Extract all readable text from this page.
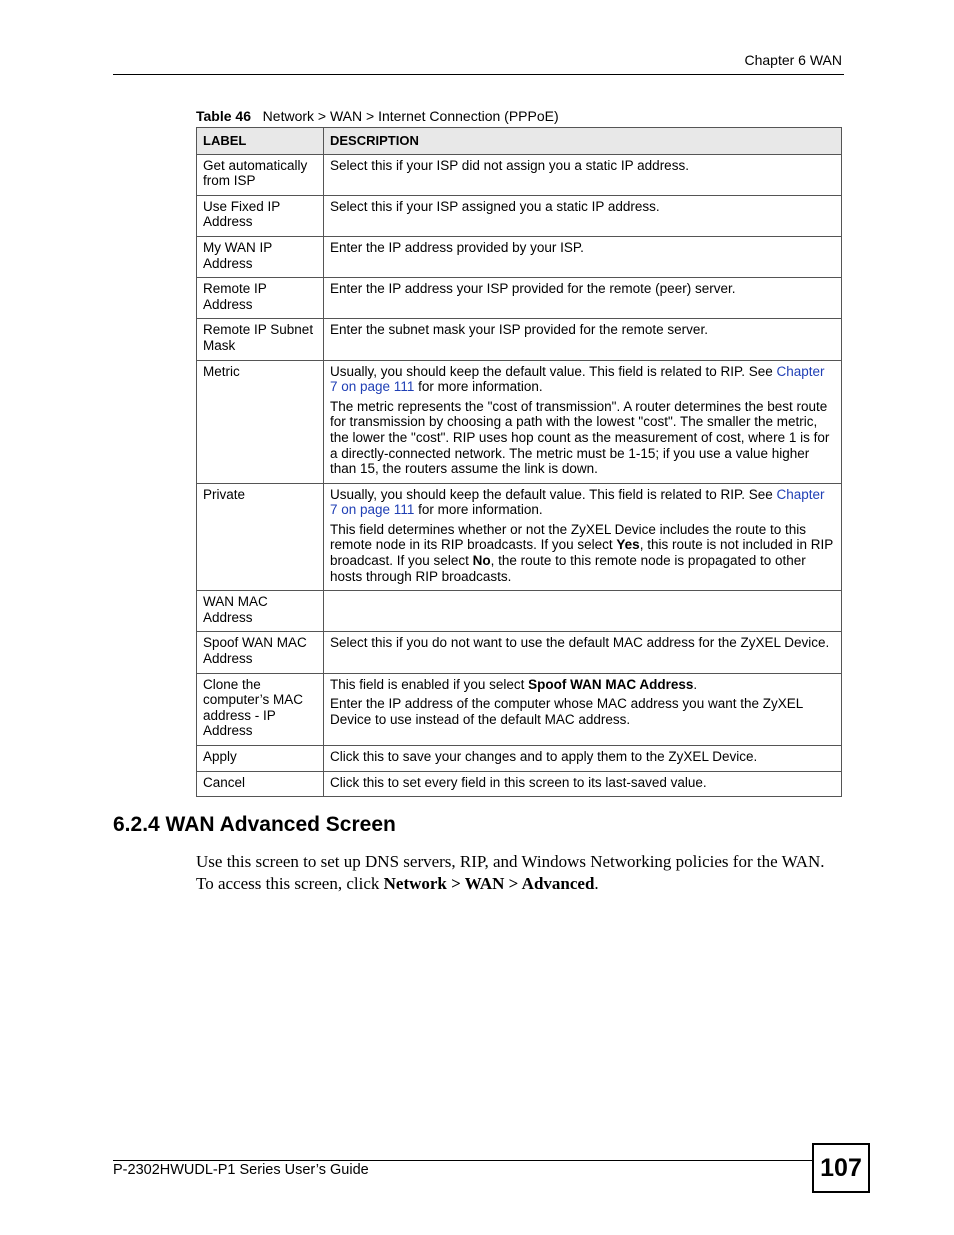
Chapter 6 WAN
Table 46 Network > WAN > Internet Connection (PPPoE)
LABEL	DESCRIPTION
Get automatically from ISP	Select this if your ISP did not assign you a static IP address.
Use Fixed IP Address	Select this if your ISP assigned you a static IP address.
My WAN IP Address	Enter the IP address provided by your ISP.
Remote IP Address	Enter the IP address your ISP provided for the remote (peer) server.
Remote IP Subnet Mask	Enter the subnet mask your ISP provided for the remote server.
Metric	Usually, you should keep the default value. This field is related to RIP. See Chapter 7 on page 111 for more information.

The metric represents the "cost of transmission". A router determines the best route for transmission by choosing a path with the lowest "cost". The smaller the metric, the lower the "cost". RIP uses hop count as the measurement of cost, where 1 is for a directly-connected network. The metric must be 1-15; if you use a value higher than 15, the routers assume the link is down.

Private	Usually, you should keep the default value. This field is related to RIP. See Chapter 7 on page 111 for more information.

This field determines whether or not the ZyXEL Device includes the route to this remote node in its RIP broadcasts. If you select Yes, this route is not included in RIP broadcast. If you select No, the route to this remote node is propagated to other hosts through RIP broadcasts.

WAN MAC Address	
Spoof WAN MAC Address	Select this if you do not want to use the default MAC address for the ZyXEL Device.
Clone the computer’s MAC address - IP Address	This field is enabled if you select Spoof WAN MAC Address.

Enter the IP address of the computer whose MAC address you want the ZyXEL Device to use instead of the default MAC address.

Apply	Click this to save your changes and to apply them to the ZyXEL Device.
Cancel	Click this to set every field in this screen to its last-saved value.
6.2.4 WAN Advanced Screen
Use this screen to set up DNS servers, RIP, and Windows Networking policies for the WAN. To access this screen, click Network > WAN > Advanced.
P-2302HWUDL-P1 Series User’s Guide	107
